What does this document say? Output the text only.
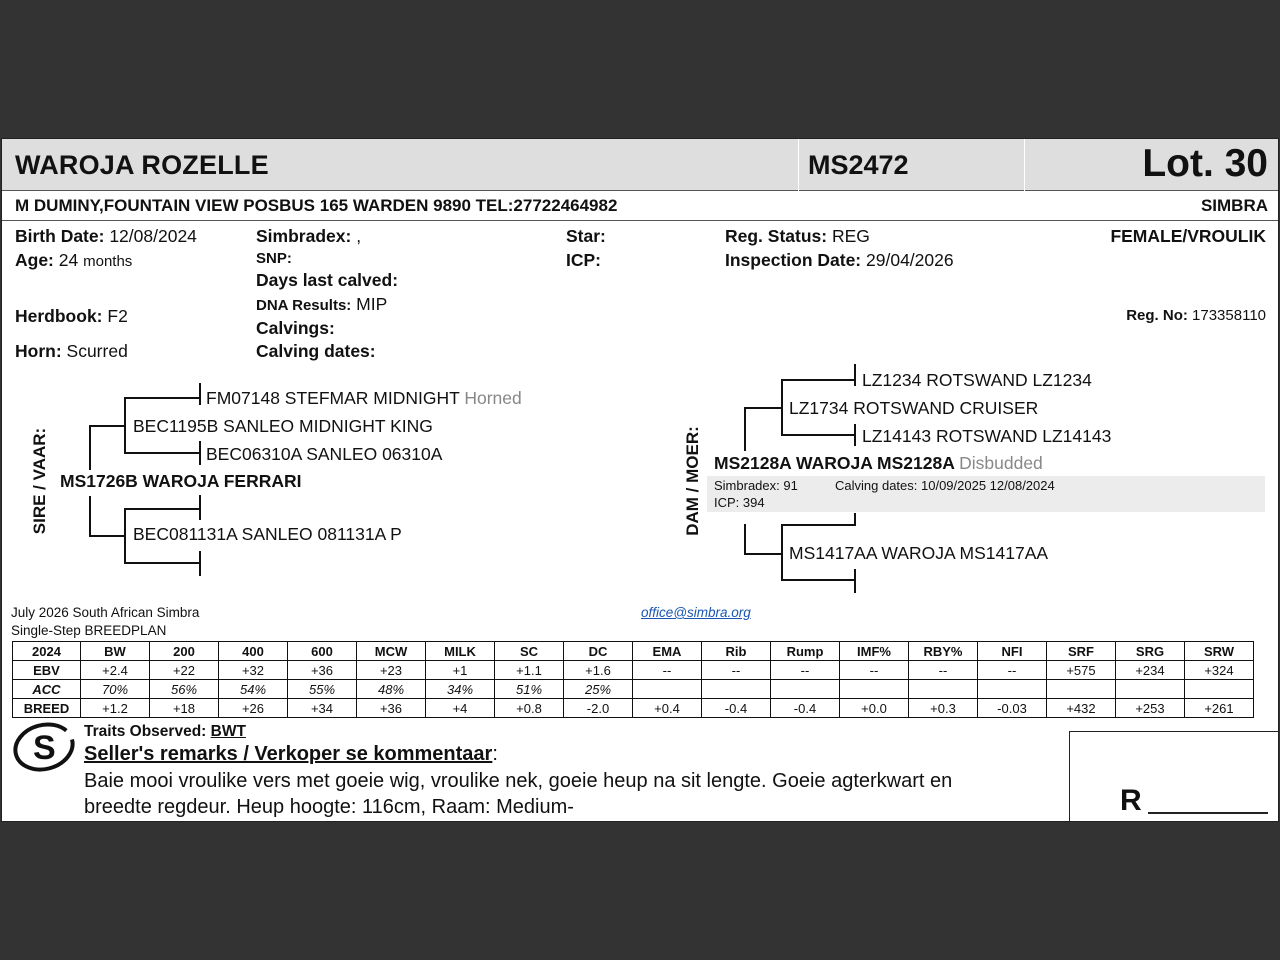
WAROJA ROZELLE	MS2472	Lot. 30
M DUMINY,FOUNTAIN VIEW POSBUS 165 WARDEN 9890 TEL:27722464982	SIMBRA
Birth Date: 12/08/2024
Age: 24 months
Herdbook: F2
Horn: Scurred
Simbradex: ,
SNP:
Days last calved:
DNA Results: MIP
Calvings:
Calving dates:
Star:
ICP:
Reg. Status: REG
Inspection Date: 29/04/2026
FEMALE/VROULIK
Reg. No: 173358110
SIRE / VAAR:
FM07148 STEFMAR MIDNIGHT Horned
BEC1195B SANLEO MIDNIGHT KING
BEC06310A SANLEO 06310A
MS1726B WAROJA FERRARI
BEC081131A SANLEO 081131A P	DAM / MOER:
LZ1234 ROTSWAND LZ1234
LZ1734 ROTSWAND CRUISER
LZ14143 ROTSWAND LZ14143
MS2128A WAROJA MS2128A Disbudded
Simbradex: 91	Calving dates: 10/09/2025 12/08/2024
ICP: 394
MS1417AA WAROJA MS1417AA
July 2026 South African Simbra
Single-Step BREEDPLAN
office@simbra.org
2024	BW	200	400	600	MCW	MILK	SC	DC	EMA	Rib	Rump	IMF%	RBY%	NFI	SRF	SRG	SRW
EBV	+2.4	+22	+32	+36	+23	+1	+1.1	+1.6	--	--	--	--	--	--	+575	+234	+324
ACC	70%	56%	54%	55%	48%	34%	51%	25%									
BREED	+1.2	+18	+26	+34	+36	+4	+0.8	-2.0	+0.4	-0.4	-0.4	+0.0	+0.3	-0.03	+432	+253	+261
S Traits Observed: BWT
Seller's remarks / Verkoper se kommentaar:
Baie mooi vroulike vers met goeie wig, vroulike nek, goeie heup na sit lengte. Goeie agterkwart en
breedte regdeur. Heup hoogte: 116cm, Raam: Medium-	R
